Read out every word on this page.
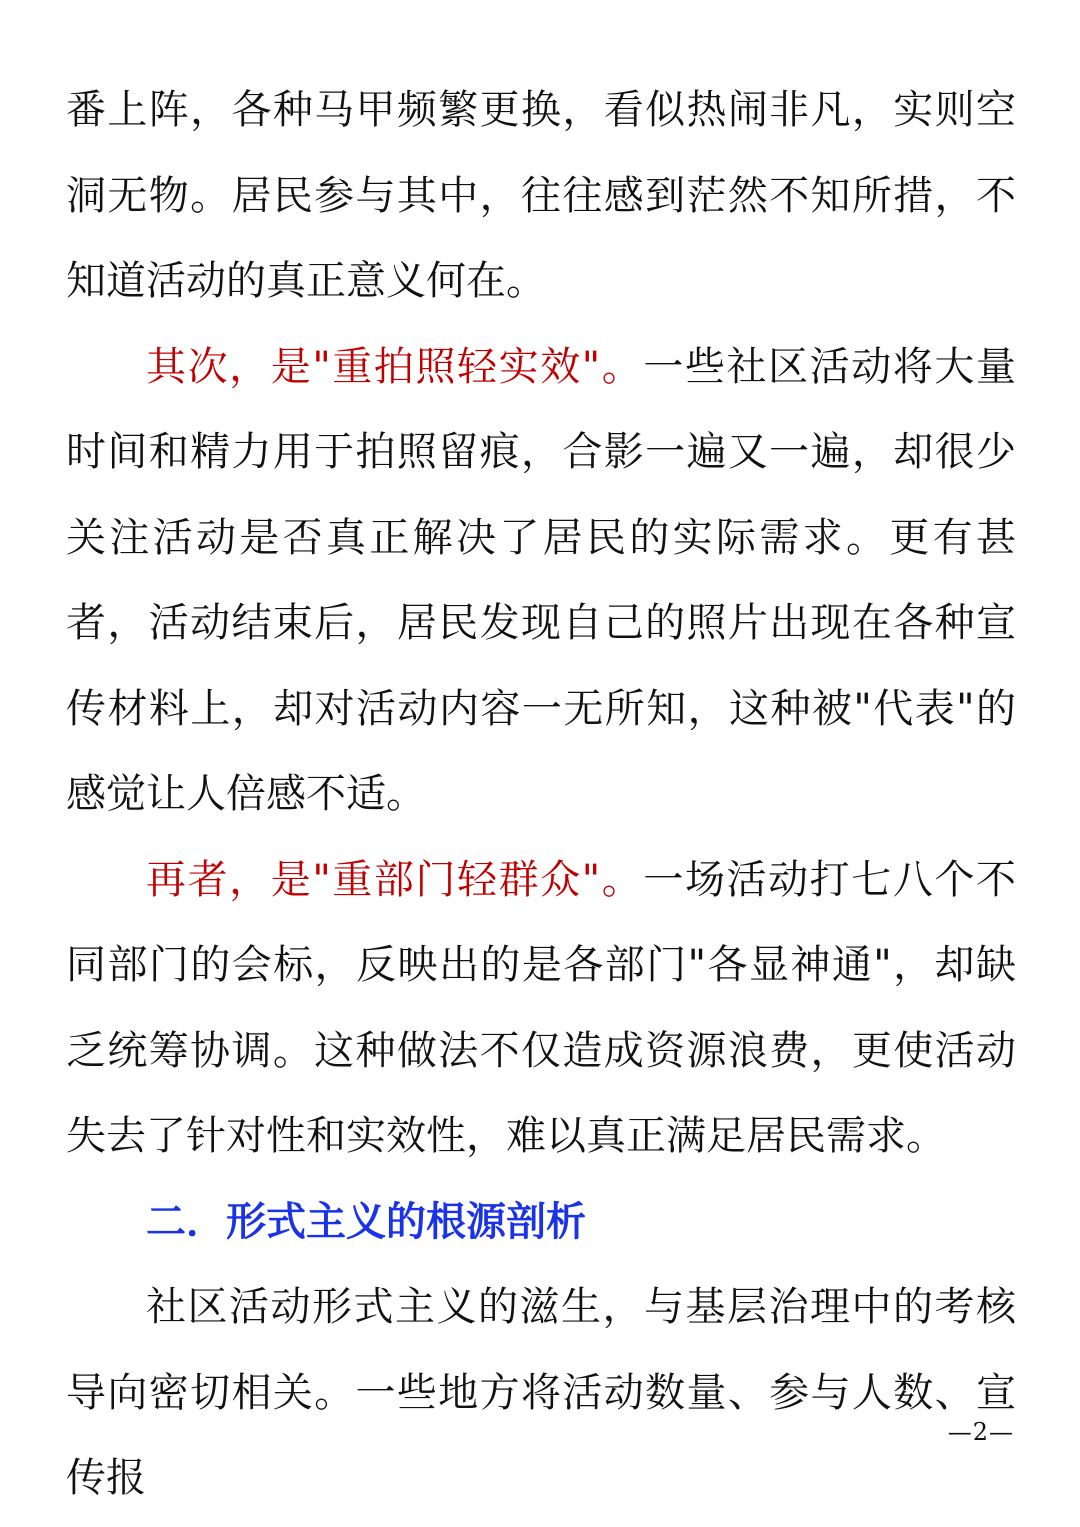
番上阵，各种马甲频繁更换，看似热闹非凡，实则空洞无物。居民参与其中，往往感到茫然不知所措，不知道活动的真正意义何在。

其次，是"重拍照轻实效"。一些社区活动将大量时间和精力用于拍照留痕，合影一遍又一遍，却很少关注活动是否真正解决了居民的实际需求。更有甚者，活动结束后，居民发现自己的照片出现在各种宣传材料上，却对活动内容一无所知，这种被"代表"的感觉让人倍感不适。

再者，是"重部门轻群众"。一场活动打七八个不同部门的会标，反映出的是各部门"各显神通"，却缺乏统筹协调。这种做法不仅造成资源浪费，更使活动失去了针对性和实效性，难以真正满足居民需求。

二．形式主义的根源剖析

社区活动形式主义的滋生，与基层治理中的考核导向密切相关。一些地方将活动数量、参与人数、宣传报

—2—
